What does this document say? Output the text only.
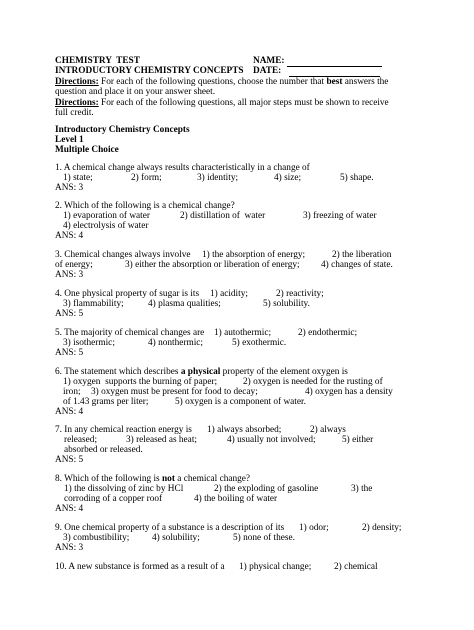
CHEMISTRY  TEST	NAME:
INTRODUCTORY CHEMISTRY CONCEPTS DATE:
Directions: For each of the following questions, choose the number that best answers the
question and place it on your answer sheet.
Directions: For each of the following questions, all major steps must be shown to receive
full credit.
Introductory Chemistry Concepts
Level 1
Multiple Choice
1. A chemical change always results characteristically in a change of
1) state;	2) form;	3) identity;	4) size;	5) shape.
ANS: 3
2. Which of the following is a chemical change?
1) evaporation of water	2) distillation of  water	3) freezing of water
4) electrolysis of water
ANS: 4
3. Chemical changes always involve 1) the absorption of energy;	2) the liberation
of energy;	3) either the absorption or liberation of energy; 4) changes of state.
ANS: 3
4. One physical property of sugar is its 1) acidity;	2) reactivity;
3) flammability;	4) plasma qualities;	5) solubility.
ANS: 5
5. The majority of chemical changes are 1) autothermic;	2) endothermic;
3) isothermic;	4) nonthermic;	5) exothermic.
ANS: 5
6. The statement which describes a physical property of the element oxygen is
1) oxygen  supports the burning of paper;	2) oxygen is needed for the rusting of
iron; 3) oxygen must be present for food to decay;	4) oxygen has a density
of 1.43 grams per liter;	5) oxygen is a component of water.
ANS: 4
7. In any chemical reaction energy is 1) always absorbed;	2) always
released;	3) released as heat;	4) usually not involved;	5) either
absorbed or released.
ANS: 5
8. Which of the following is not a chemical change?
1) the dissolving of zinc by HCl	2) the exploding of gasoline	3) the
corroding of a copper roof	4) the boiling of water
ANS: 4
9. One chemical property of a substance is a description of its 1) odor;	2) density;
3) combustibility; 4) solubility;	5) none of these.
ANS: 3
10. A new substance is formed as a result of a 1) physical change; 2) chemical
